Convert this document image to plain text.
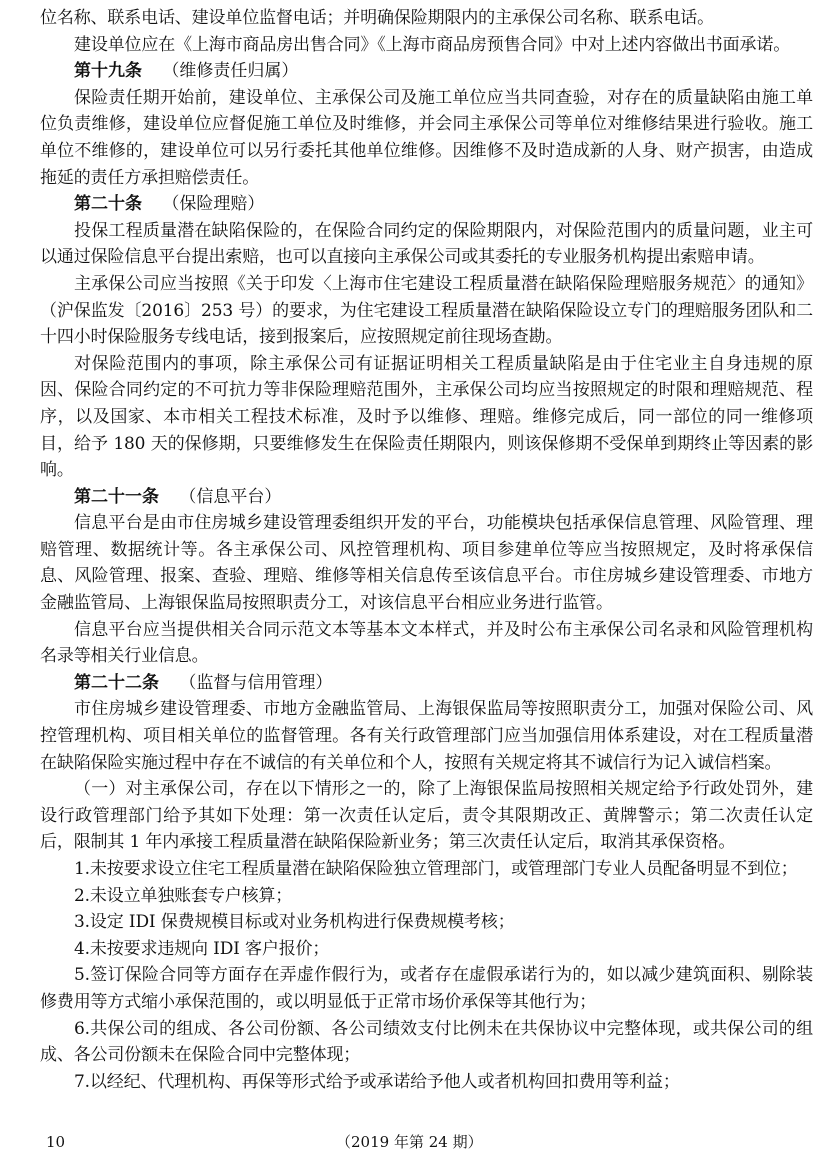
位名称、联系电话、建设单位监督电话；并明确保险期限内的主承保公司名称、联系电话。

建设单位应在《上海市商品房出售合同》《上海市商品房预售合同》中对上述内容做出书面承诺。

第十九条 （维修责任归属）

保险责任期开始前，建设单位、主承保公司及施工单位应当共同查验，对存在的质量缺陷由施工单位负责维修，建设单位应督促施工单位及时维修，并会同主承保公司等单位对维修结果进行验收。施工单位不维修的，建设单位可以另行委托其他单位维修。因维修不及时造成新的人身、财产损害，由造成拖延的责任方承担赔偿责任。

第二十条 （保险理赔）

投保工程质量潜在缺陷保险的，在保险合同约定的保险期限内，对保险范围内的质量问题，业主可以通过保险信息平台提出索赔，也可以直接向主承保公司或其委托的专业服务机构提出索赔申请。

主承保公司应当按照《关于印发〈上海市住宅建设工程质量潜在缺陷保险理赔服务规范〉的通知》（沪保监发〔2016〕253 号）的要求，为住宅建设工程质量潜在缺陷保险设立专门的理赔服务团队和二十四小时保险服务专线电话，接到报案后，应按照规定前往现场查勘。

对保险范围内的事项，除主承保公司有证据证明相关工程质量缺陷是由于住宅业主自身违规的原因、保险合同约定的不可抗力等非保险理赔范围外，主承保公司均应当按照规定的时限和理赔规范、程序，以及国家、本市相关工程技术标准，及时予以维修、理赔。维修完成后，同一部位的同一维修项目，给予 180 天的保修期，只要维修发生在保险责任期限内，则该保修期不受保单到期终止等因素的影响。

第二十一条 （信息平台）

信息平台是由市住房城乡建设管理委组织开发的平台，功能模块包括承保信息管理、风险管理、理赔管理、数据统计等。各主承保公司、风控管理机构、项目参建单位等应当按照规定，及时将承保信息、风险管理、报案、查验、理赔、维修等相关信息传至该信息平台。市住房城乡建设管理委、市地方金融监管局、上海银保监局按照职责分工，对该信息平台相应业务进行监管。

信息平台应当提供相关合同示范文本等基本文本样式，并及时公布主承保公司名录和风险管理机构名录等相关行业信息。

第二十二条 （监督与信用管理）

市住房城乡建设管理委、市地方金融监管局、上海银保监局等按照职责分工，加强对保险公司、风控管理机构、项目相关单位的监督管理。各有关行政管理部门应当加强信用体系建设，对在工程质量潜在缺陷保险实施过程中存在不诚信的有关单位和个人，按照有关规定将其不诚信行为记入诚信档案。

（一）对主承保公司，存在以下情形之一的，除了上海银保监局按照相关规定给予行政处罚外，建设行政管理部门给予其如下处理：第一次责任认定后，责令其限期改正、黄牌警示；第二次责任认定后，限制其 1 年内承接工程质量潜在缺陷保险新业务；第三次责任认定后，取消其承保资格。

1.未按要求设立住宅工程质量潜在缺陷保险独立管理部门，或管理部门专业人员配备明显不到位；

2.未设立单独账套专户核算；

3.设定 IDI 保费规模目标或对业务机构进行保费规模考核；

4.未按要求违规向 IDI 客户报价；

5.签订保险合同等方面存在弄虚作假行为，或者存在虚假承诺行为的，如以减少建筑面积、剔除装修费用等方式缩小承保范围的，或以明显低于正常市场价承保等其他行为；

6.共保公司的组成、各公司份额、各公司绩效支付比例未在共保协议中完整体现，或共保公司的组成、各公司份额未在保险合同中完整体现；

7.以经纪、代理机构、再保等形式给予或承诺给予他人或者机构回扣费用等利益；

10	（2019 年第 24 期）
